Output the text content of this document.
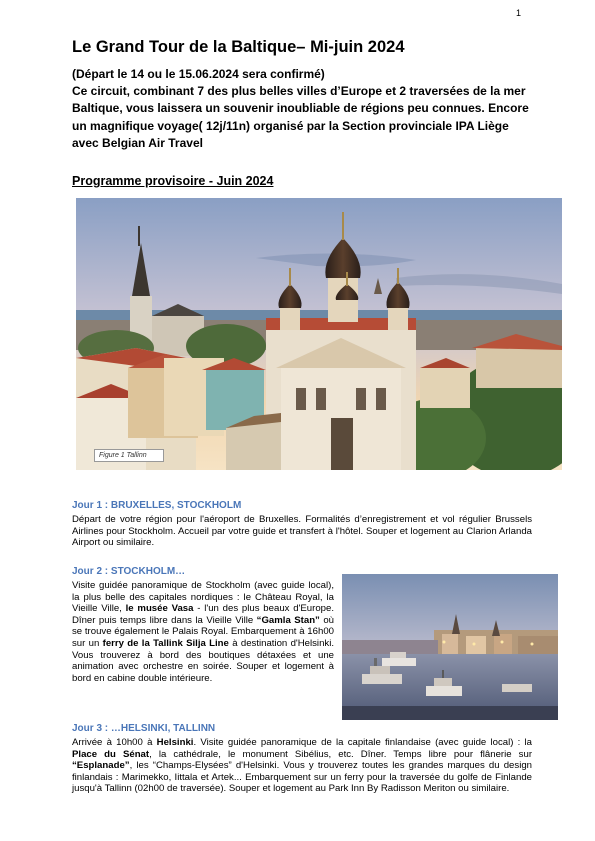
1
Le Grand Tour de la Baltique– Mi-juin 2024

(Départ le 14 ou le 15.06.2024 sera confirmé)

Ce circuit, combinant 7 des plus belles villes d’Europe et 2 traversées de la mer Baltique, vous laissera un souvenir inoubliable de régions peu connues. Encore un magnifique voyage( 12j/11n) organisé par la Section provinciale IPA Liège avec Belgian Air Travel

Programme provisoire - Juin 2024
Figure 1 Tallinn
Jour 1 : BRUXELLES, STOCKHOLM

Départ de votre région pour l'aéroport de Bruxelles. Formalités d’enregistrement et vol régulier Brussels Airlines pour Stockholm. Accueil par votre guide et transfert à l'hôtel. Souper et logement au Clarion Arlanda Airport ou similaire.

Jour 2 : STOCKHOLM…

Visite guidée panoramique de Stockholm (avec guide local), la plus belle des capitales nordiques : le Château Royal, la Vieille Ville, le musée Vasa - l'un des plus beaux d'Europe. Dîner puis temps libre dans la Vieille Ville “Gamla Stan” où se trouve également le Palais Royal. Embarquement à 16h00 sur un ferry de la Tallink Silja Line à destination d'Helsinki. Vous trouverez à bord des boutiques détaxées et une animation avec orchestre en soirée. Souper et logement à bord en cabine double intérieure.

Jour 3 : …HELSINKI, TALLINN

Arrivée à 10h00 à Helsinki. Visite guidée panoramique de la capitale finlandaise (avec guide local) : la Place du Sénat, la cathédrale, le monument Sibélius, etc. Dîner. Temps libre pour flânerie sur “Esplanade”, les “Champs-Elysées” d'Helsinki. Vous y trouverez toutes les grandes marques du design finlandais : Marimekko, Iittala et Artek... Embarquement sur un ferry pour la traversée du golfe de Finlande jusqu'à Tallinn (02h00 de traversée). Souper et logement au Park Inn By Radisson Meriton ou similaire.
